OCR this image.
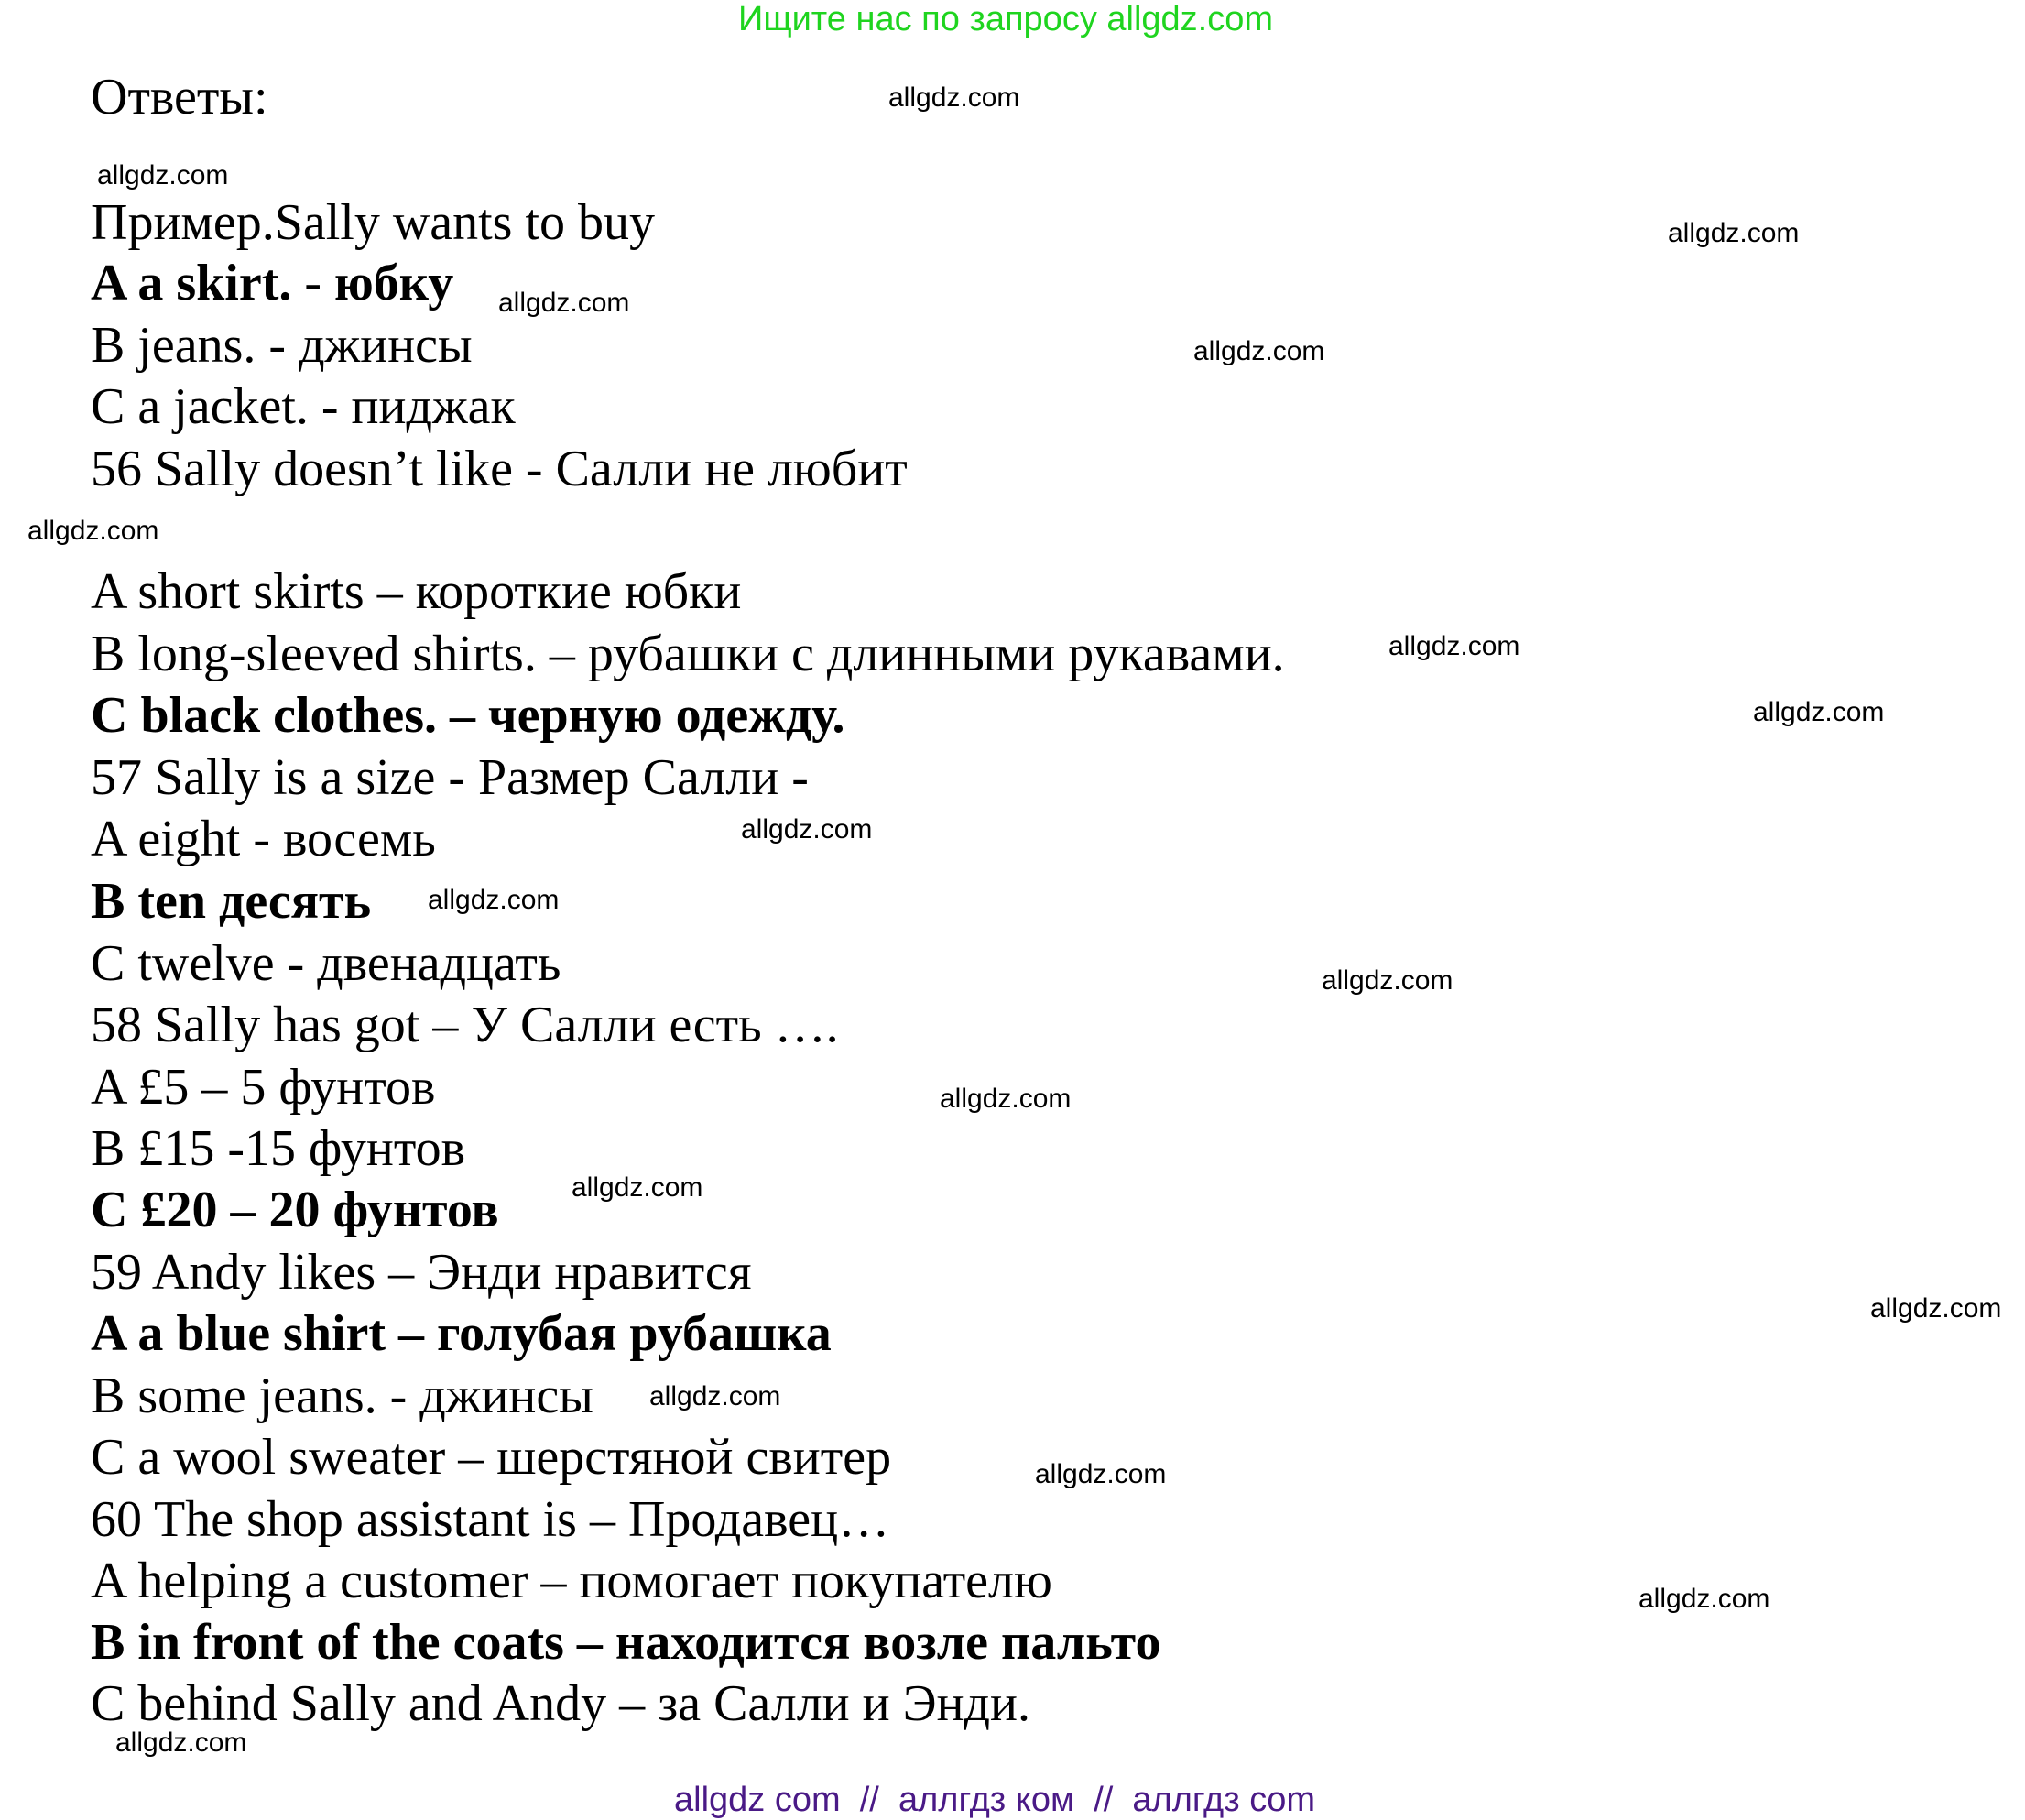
Ищите нас по запросу allgdz.com
Ответы:
Пример.Sally wants to buy
A a skirt. - юбку
B jeans. - джинсы
C a jacket. - пиджак
56 Sally doesn’t like - Салли не любит
A short skirts – короткие юбки
B long-sleeved shirts. – рубашки с длинными рукавами.
C black clothes. – черную одежду.
57 Sally is a size - Размер Салли -
A eight - восемь
B ten десять
C twelve - двенадцать
58 Sally has got – У Салли есть ….
A £5 – 5 фунтов
B £15 -15 фунтов
C £20 – 20 фунтов
59 Andy likes – Энди нравится
A a blue shirt – голубая рубашка
B some jeans. - джинсы
C a wool sweater – шерстяной свитер
60 The shop assistant is – Продавец…
A helping a customer – помогает покупателю
B in front of the coats – находится возле пальто
C behind Sally and Andy – за Салли и Энди.
allgdz.com
allgdz.com
allgdz.com
allgdz.com
allgdz.com
allgdz.com
allgdz.com
allgdz.com
allgdz.com
allgdz.com
allgdz.com
allgdz.com
allgdz.com
allgdz.com
allgdz.com
allgdz.com
allgdz.com
allgdz.com
allgdz com  //  аллгдз ком  //  аллгдз com
